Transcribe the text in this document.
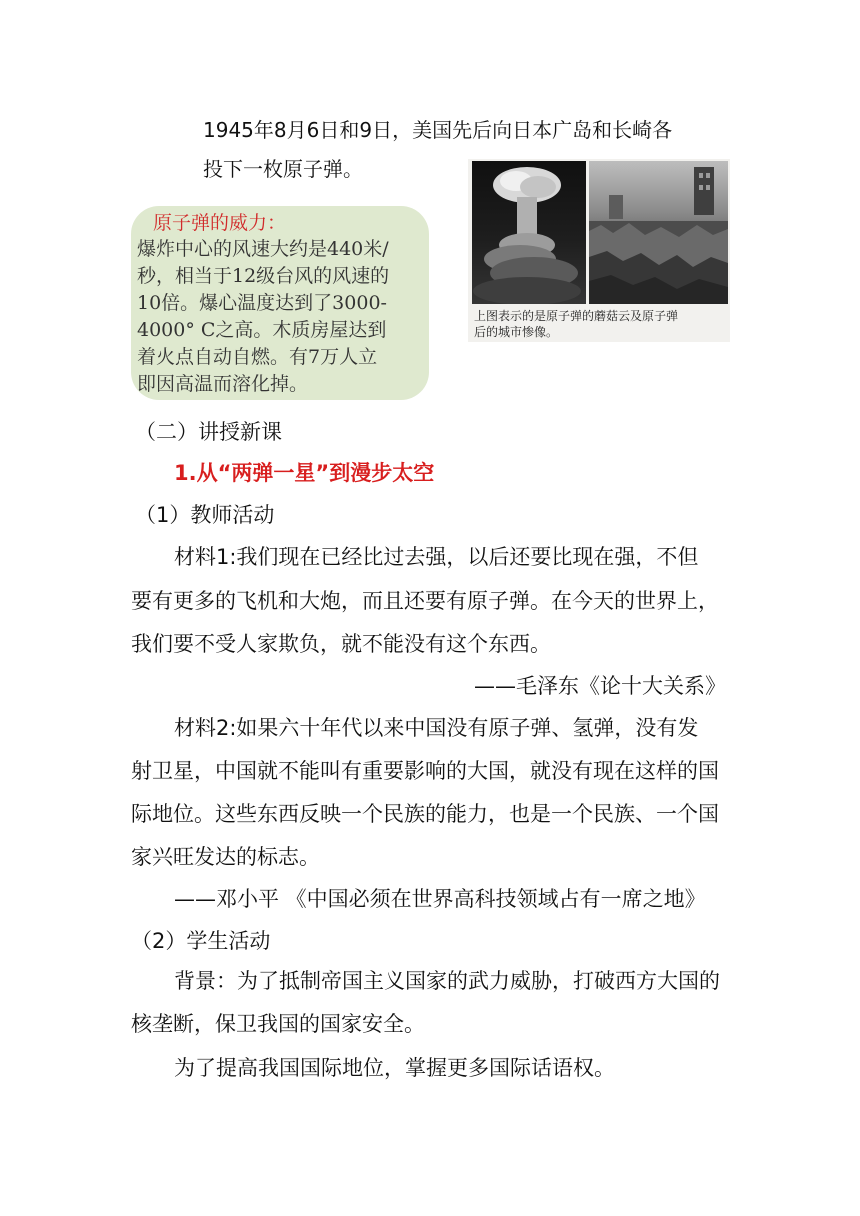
1945年8月6日和9日，美国先后向日本广岛和长崎各
投下一枚原子弹。
原子弹的威力：
爆炸中心的风速大约是440米/
秒，相当于12级台风的风速的
10倍。爆心温度达到了3000-
4000° C之高。木质房屋达到
着火点自动自燃。有7万人立
即因高温而溶化掉。
上图表示的是原子弹的蘑菇云及原子弹
后的城市惨像。
（二）讲授新课
1.从“两弹一星”到漫步太空
（1）教师活动
材料1:我们现在已经比过去强，以后还要比现在强，不但
要有更多的飞机和大炮，而且还要有原子弹。在今天的世界上，
我们要不受人家欺负，就不能没有这个东西。
——毛泽东《论十大关系》
材料2:如果六十年代以来中国没有原子弹、氢弹，没有发
射卫星，中国就不能叫有重要影响的大国，就没有现在这样的国
际地位。这些东西反映一个民族的能力，也是一个民族、一个国
家兴旺发达的标志。
——邓小平 《中国必须在世界高科技领域占有一席之地》
（2）学生活动
背景：为了抵制帝国主义国家的武力威胁，打破西方大国的
核垄断，保卫我国的国家安全。
为了提高我国国际地位，掌握更多国际话语权。
